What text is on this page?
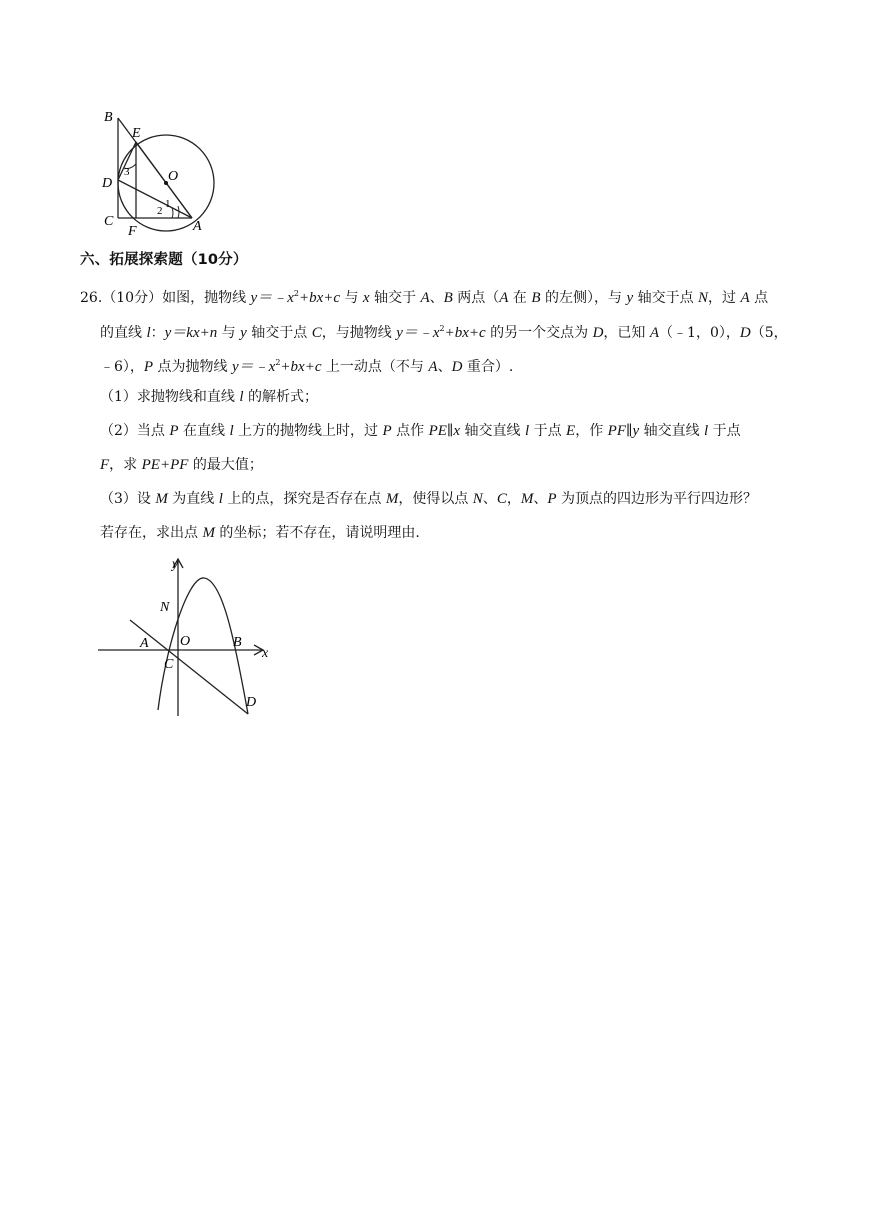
B
E
D
C
F	A
O
1
2
3
六、拓展探索题（10分）
26.（10分）如图，抛物线 $y=﹣x^2+bx+c$ 与 x 轴交于 A、B 两点（A 在 B 的左侧），与 y 轴交于点 N，过 A 点
的直线 l：y＝kx+n 与 y 轴交于点 C，与抛物线 $y=﹣x^2+bx+c$ 的另一个交点为 D，已知 A（﹣1，0），D（5，
﹣6），P 点为抛物线 $y=﹣x^2+bx+c$ 上一动点（不与 A、D 重合）.
（1）求抛物线和直线 l 的解析式；
（2）当点 P 在直线 l 上方的抛物线上时，过 P 点作 PE∥x 轴交直线 l 于点 E，作 PF∥y 轴交直线 l 于点
F，求 PE+PF 的最大值；
（3）设 M 为直线 l 上的点，探究是否存在点 M，使得以点 N、C，M、P 为顶点的四边形为平行四边形？
若存在，求出点 M 的坐标；若不存在，请说明理由.
y
x
N
A O	B
C
D
